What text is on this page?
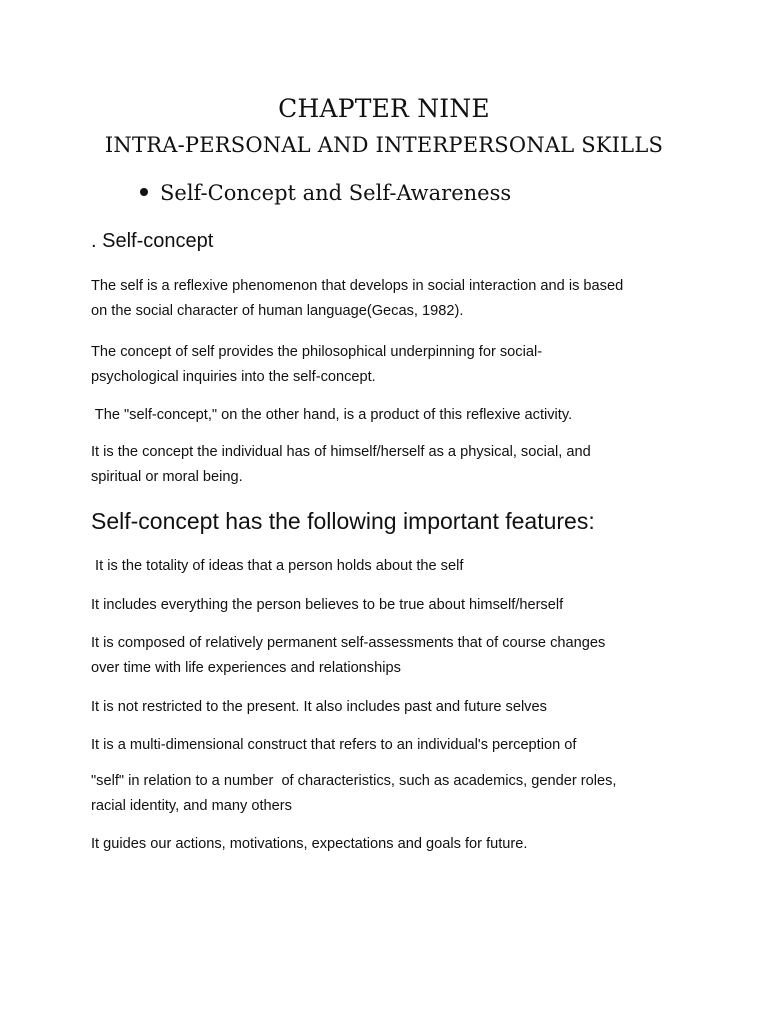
CHAPTER NINE
INTRA-PERSONAL AND INTERPERSONAL SKILLS
Self-Concept and Self-Awareness
. Self-concept
The self is a reflexive phenomenon that develops in social interaction and is based
on the social character of human language(Gecas, 1982).
The concept of self provides the philosophical underpinning for social-
psychological inquiries into the self-concept.
The "self-concept," on the other hand, is a product of this reflexive activity.
It is the concept the individual has of himself/herself as a physical, social, and
spiritual or moral being.
Self-concept has the following important features:
It is the totality of ideas that a person holds about the self
It includes everything the person believes to be true about himself/herself
It is composed of relatively permanent self-assessments that of course changes
over time with life experiences and relationships
It is not restricted to the present. It also includes past and future selves
It is a multi-dimensional construct that refers to an individual's perception of
"self" in relation to a number  of characteristics, such as academics, gender roles,
racial identity, and many others
It guides our actions, motivations, expectations and goals for future.
